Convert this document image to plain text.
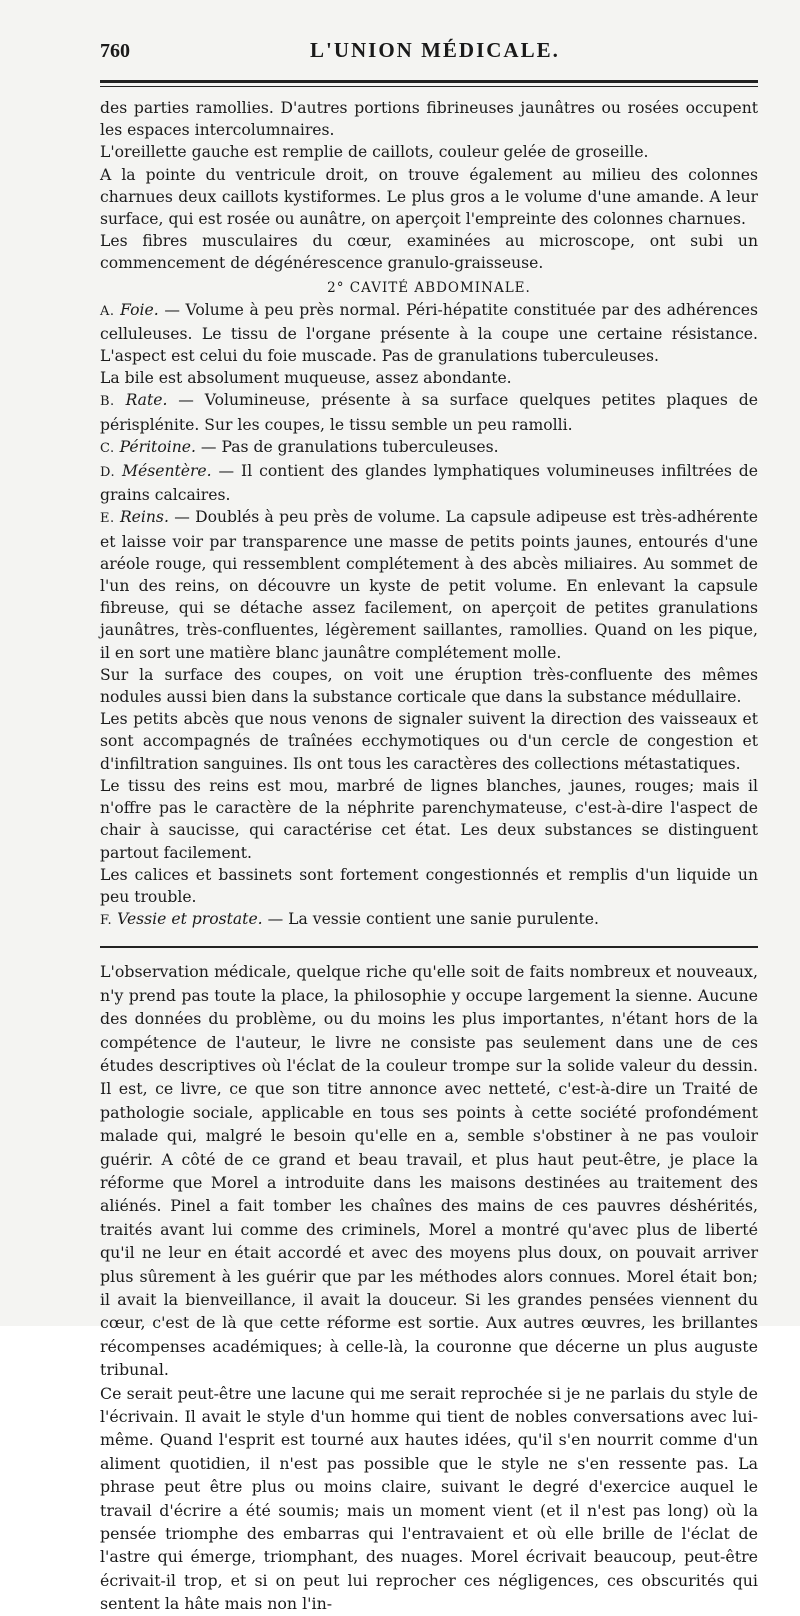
760	L'UNION MÉDICALE.

des parties ramollies. D'autres portions fibrineuses jaunâtres ou rosées occupent les espaces intercolumnaires.

L'oreillette gauche est remplie de caillots, couleur gelée de groseille.

A la pointe du ventricule droit, on trouve également au milieu des colonnes charnues deux caillots kystiformes. Le plus gros a le volume d'une amande. A leur surface, qui est rosée ou aunâtre, on aperçoit l'empreinte des colonnes charnues.

Les fibres musculaires du cœur, examinées au microscope, ont subi un commencement de dégénérescence granulo-graisseuse.

2° CAVITÉ ABDOMINALE.

A. Foie. — Volume à peu près normal. Péri-hépatite constituée par des adhérences celluleuses. Le tissu de l'organe présente à la coupe une certaine résistance. L'aspect est celui du foie muscade. Pas de granulations tuberculeuses.

La bile est absolument muqueuse, assez abondante.

B. Rate. — Volumineuse, présente à sa surface quelques petites plaques de périsplénite. Sur les coupes, le tissu semble un peu ramolli.

C. Péritoine. — Pas de granulations tuberculeuses.

D. Mésentère. — Il contient des glandes lymphatiques volumineuses infiltrées de grains calcaires.

E. Reins. — Doublés à peu près de volume. La capsule adipeuse est très-adhérente et laisse voir par transparence une masse de petits points jaunes, entourés d'une aréole rouge, qui ressemblent complétement à des abcès miliaires. Au sommet de l'un des reins, on découvre un kyste de petit volume. En enlevant la capsule fibreuse, qui se détache assez facilement, on aperçoit de petites granulations jaunâtres, très-confluentes, légèrement saillantes, ramollies. Quand on les pique, il en sort une matière blanc jaunâtre complétement molle.

Sur la surface des coupes, on voit une éruption très-confluente des mêmes nodules aussi bien dans la substance corticale que dans la substance médullaire.

Les petits abcès que nous venons de signaler suivent la direction des vaisseaux et sont accompagnés de traînées ecchymotiques ou d'un cercle de congestion et d'infiltration sanguines. Ils ont tous les caractères des collections métastatiques.

Le tissu des reins est mou, marbré de lignes blanches, jaunes, rouges; mais il n'offre pas le caractère de la néphrite parenchymateuse, c'est-à-dire l'aspect de chair à saucisse, qui caractérise cet état. Les deux substances se distinguent partout facilement.

Les calices et bassinets sont fortement congestionnés et remplis d'un liquide un peu trouble.

F. Vessie et prostate. — La vessie contient une sanie purulente.

L'observation médicale, quelque riche qu'elle soit de faits nombreux et nouveaux, n'y prend pas toute la place, la philosophie y occupe largement la sienne. Aucune des données du problème, ou du moins les plus importantes, n'étant hors de la compétence de l'auteur, le livre ne consiste pas seulement dans une de ces études descriptives où l'éclat de la couleur trompe sur la solide valeur du dessin. Il est, ce livre, ce que son titre annonce avec netteté, c'est-à-dire un Traité de pathologie sociale, applicable en tous ses points à cette société profondément malade qui, malgré le besoin qu'elle en a, semble s'obstiner à ne pas vouloir guérir. A côté de ce grand et beau travail, et plus haut peut-être, je place la réforme que Morel a introduite dans les maisons destinées au traitement des aliénés. Pinel a fait tomber les chaînes des mains de ces pauvres déshérités, traités avant lui comme des criminels, Morel a montré qu'avec plus de liberté qu'il ne leur en était accordé et avec des moyens plus doux, on pouvait arriver plus sûrement à les guérir que par les méthodes alors connues. Morel était bon; il avait la bienveillance, il avait la douceur. Si les grandes pensées viennent du cœur, c'est de là que cette réforme est sortie. Aux autres œuvres, les brillantes récompenses académiques; à celle-là, la couronne que décerne un plus auguste tribunal.

Ce serait peut-être une lacune qui me serait reprochée si je ne parlais du style de l'écrivain. Il avait le style d'un homme qui tient de nobles conversations avec lui-même. Quand l'esprit est tourné aux hautes idées, qu'il s'en nourrit comme d'un aliment quotidien, il n'est pas possible que le style ne s'en ressente pas. La phrase peut être plus ou moins claire, suivant le degré d'exercice auquel le travail d'écrire a été soumis; mais un moment vient (et il n'est pas long) où la pensée triomphe des embarras qui l'entravaient et où elle brille de l'éclat de l'astre qui émerge, triomphant, des nuages. Morel écrivait beaucoup, peut-être écrivait-il trop, et si on peut lui reprocher ces négligences, ces obscurités qui sentent la hâte mais non l'in-
